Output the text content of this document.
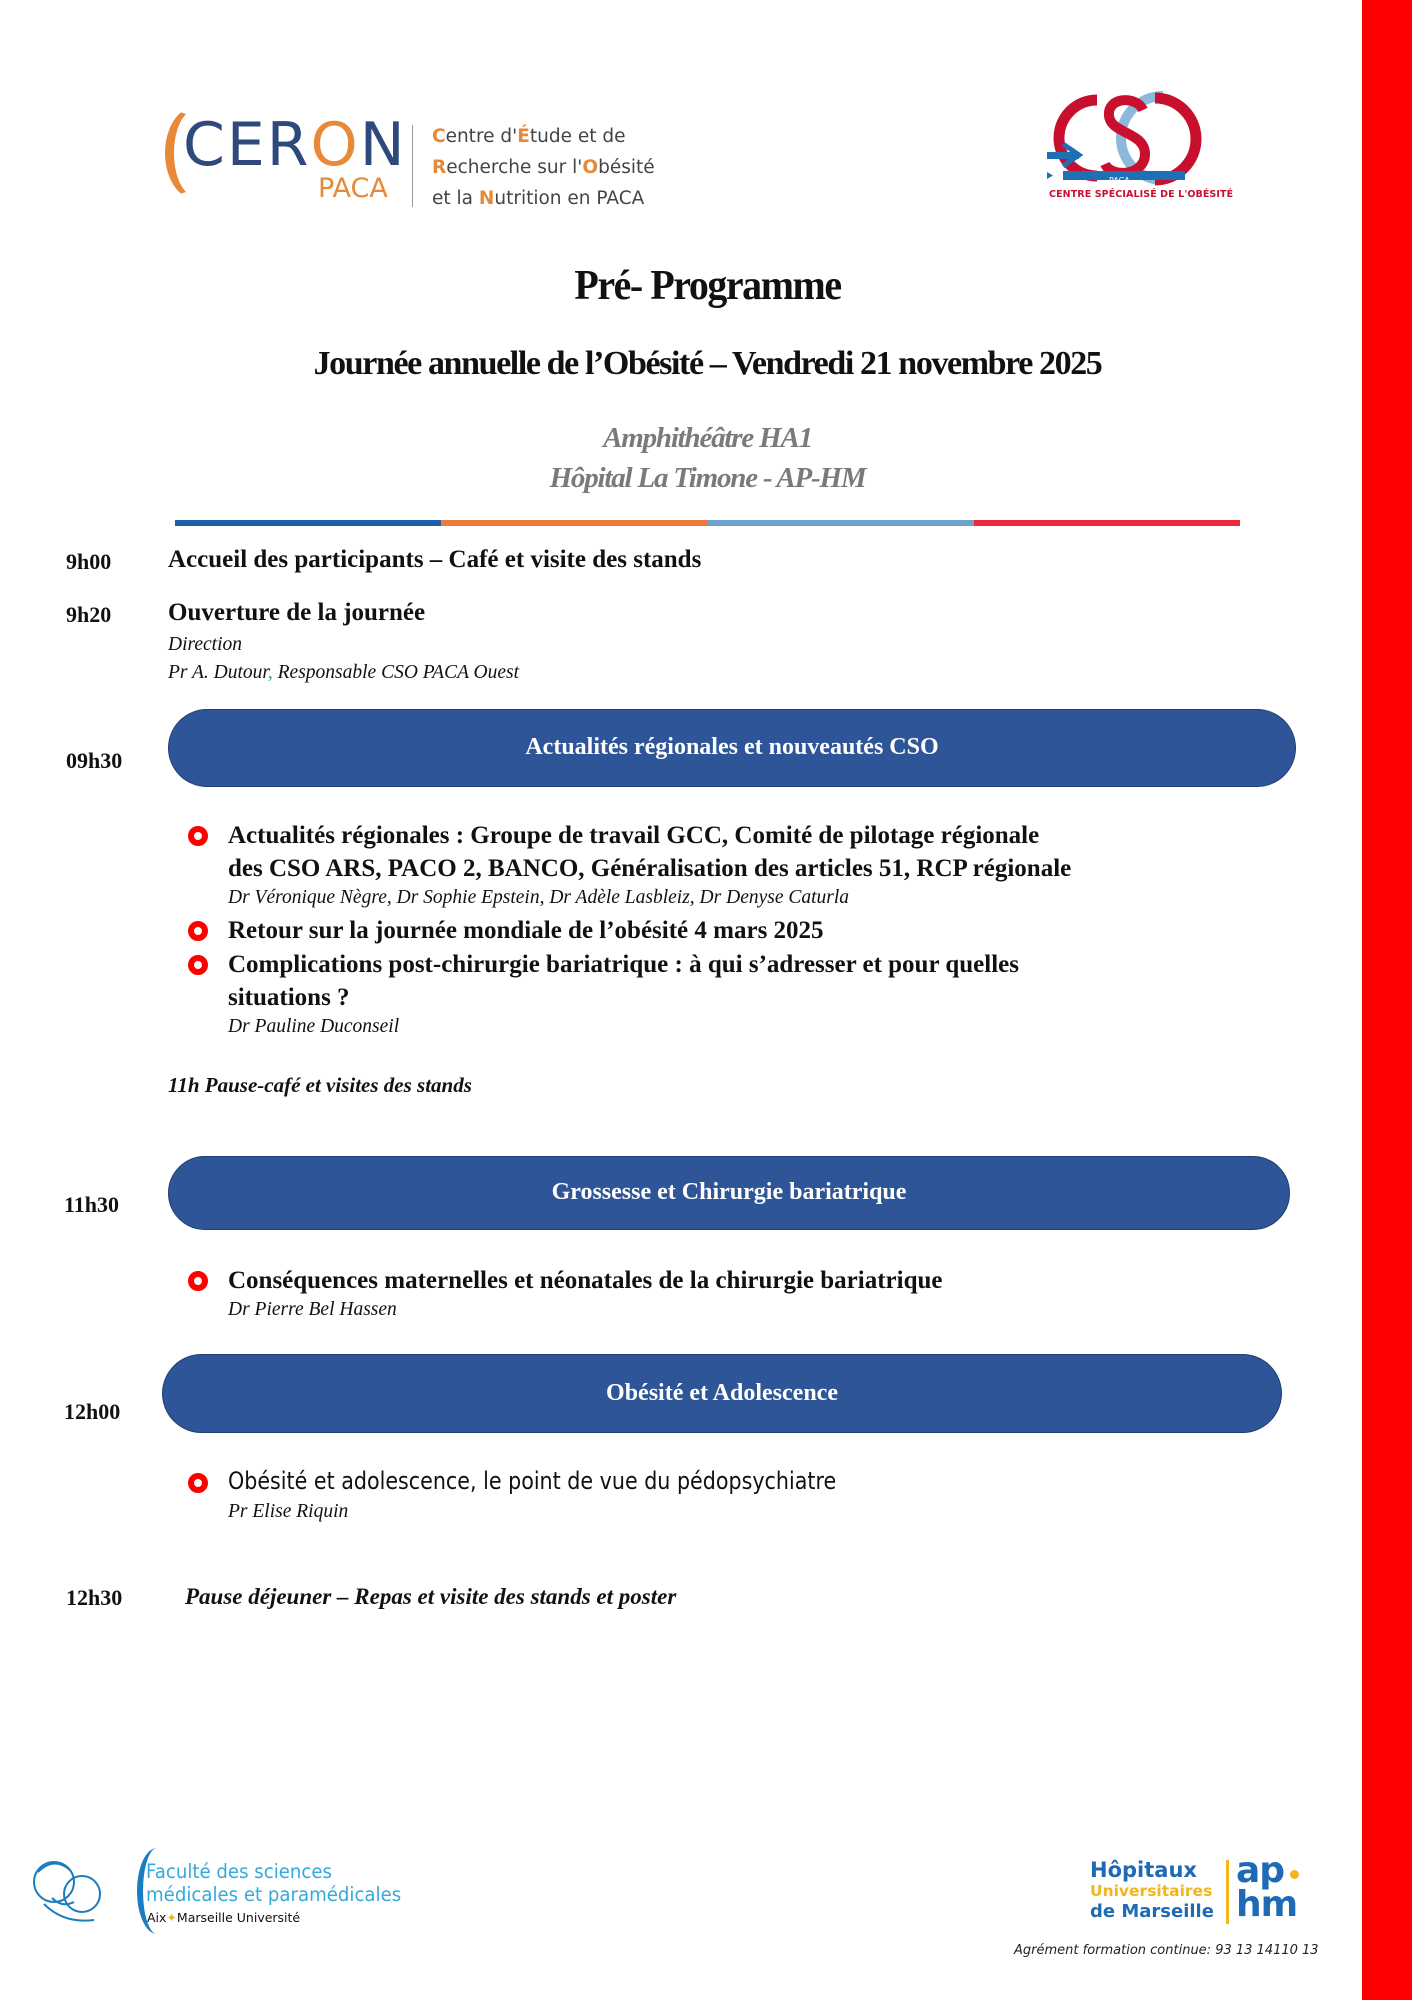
CERON
PACA
Centre d'Étude et de
Recherche sur l'Obésité
et la Nutrition en PACA
PACA
CENTRE SPÉCIALISÉ DE L'OBÉSITÉ
Pré- Programme
Journée annuelle de l’Obésité – Vendredi 21 novembre 2025
Amphithéâtre HA1
Hôpital La Timone - AP-HM
9h00 Accueil des participants – Café et visite des stands
9h20 Ouverture de la journée
Direction
Pr A. Dutour, Responsable CSO PACA Ouest
09h30
Actualités régionales et nouveautés CSO
Actualités régionales : Groupe de travail GCC, Comité de pilotage régionale
des CSO ARS, PACO 2, BANCO, Généralisation des articles 51, RCP régionale
Dr Véronique Nègre, Dr Sophie Epstein, Dr Adèle Lasbleiz, Dr Denyse Caturla
Retour sur la journée mondiale de l’obésité 4 mars 2025
Complications post-chirurgie bariatrique : à qui s’adresser et pour quelles
situations ?
Dr Pauline Duconseil
11h Pause-café et visites des stands
11h30	Grossesse et Chirurgie bariatrique
Conséquences maternelles et néonatales de la chirurgie bariatrique
Dr Pierre Bel Hassen
12h00
Obésité et Adolescence
Obésité et adolescence, le point de vue du pédopsychiatre
Pr Elise Riquin
12h30	Pause déjeuner – Repas et visite des stands et poster
Faculté des sciences
médicales et paramédicales
Aix✦Marseille Université
Hôpitaux
Universitaires
de Marseille
ap
hm
Agrément formation continue: 93 13 14110 13
